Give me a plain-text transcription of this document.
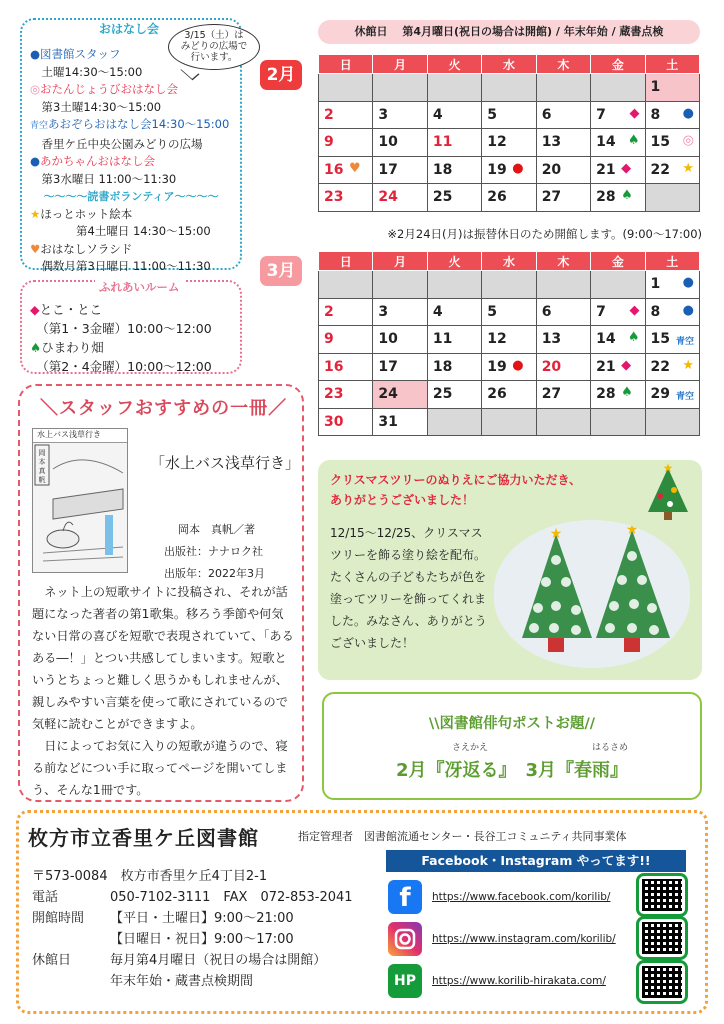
●図書館スタッフ
　土曜14:30～15:00
◎おたんじょうびおはなし会
　第3土曜14:30～15:00
青空あおぞらおはなし会14:30～15:00
　香里ケ丘中央公園みどりの広場
●あかちゃんおはなし会
　第3水曜日 11:00～11:30
～～～～読書ボランティア～～～～
★ほっとホット絵本
　　　　第4土曜日 14:30～15:00
♥おはなしソラシド
　偶数月第3日曜日 11:00～11:30
おはなし会	3/15（土）は
みどりの広場で
行います。
◆とこ・とこ
　（第1・3金曜）10:00～12:00
♠ひまわり畑
　（第2・4金曜）10:00～12:00
ふれあいルーム
＼スタッフおすすめの一冊／
岡
本
真
帆
水上バス浅草行き
「水上バス浅草行き」
岡本　真帆／著
出版社：ナナロク社
出版年：2022年3月

ネット上の短歌サイトに投稿され、それが話題になった著者の第1歌集。移ろう季節や何気ない日常の喜びを短歌で表現されていて、「あるある―！」とつい共感してしまいます。短歌というとちょっと難しく思うかもしれませんが、親しみやすい言葉を使って歌にされているので気軽に読むことができますよ。

日によってお気に入りの短歌が違うので、寝る前などについ手に取ってページを開いてしまう、そんな1冊です。

休館日　 第4月曜日(祝日の場合は開館) / 年末年始 / 蔵書点検
2月
日	月	火	水	木	金	土
						1
2	3	4	5	6	7 ◆	8 ●

9	10	11	12	13	14 ♠	15 ◎

16 ♥	17	18	19 ●	20	21 ◆	22 ★

23	24	25	26	27	28 ♠	

※2月24日(月)は振替休日のため開館します。(9:00～17:00)
3月	日	月	火	水	木	金	土
						1 ●

2	3	4	5	6	7 ◆	8 ●

9	10	11	12	13	14 ♠	15 青空

16	17	18	19 ●	20	21 ◆	22 ★

23	24	25	26	27	28 ♠	29 青空

30	31					
クリスマスツリーのぬりえにご協力いただき、
ありがとうございました！
★
12/15～12/25、クリスマスツリーを飾る塗り絵を配布。たくさんの子どもたちが色を塗ってツリーを飾ってくれました。みなさん、ありがとうございました！
★	★
\\図書館俳句ポストお題//
さえかえ	はるさめ
2月『冴返る』　3月『春雨』
枚方市立香里ケ丘図書館	指定管理者　図書館流通センター・長谷工コミュニティ共同事業体
〒573-0084　枚方市香里ケ丘4丁目2-1
電話	050-7102-3111　FAX　072-853-2041
開館時間	【平日・土曜日】9:00～21:00
【日曜日・祝日】9:00～17:00
休館日	毎月第4月曜日（祝日の場合は開館）
年末年始・蔵書点検期間
Facebook・Instagram やってます!!
f	https://www.facebook.com/korilib/
https://www.instagram.com/korilib/
HP	https://www.korilib-hirakata.com/
